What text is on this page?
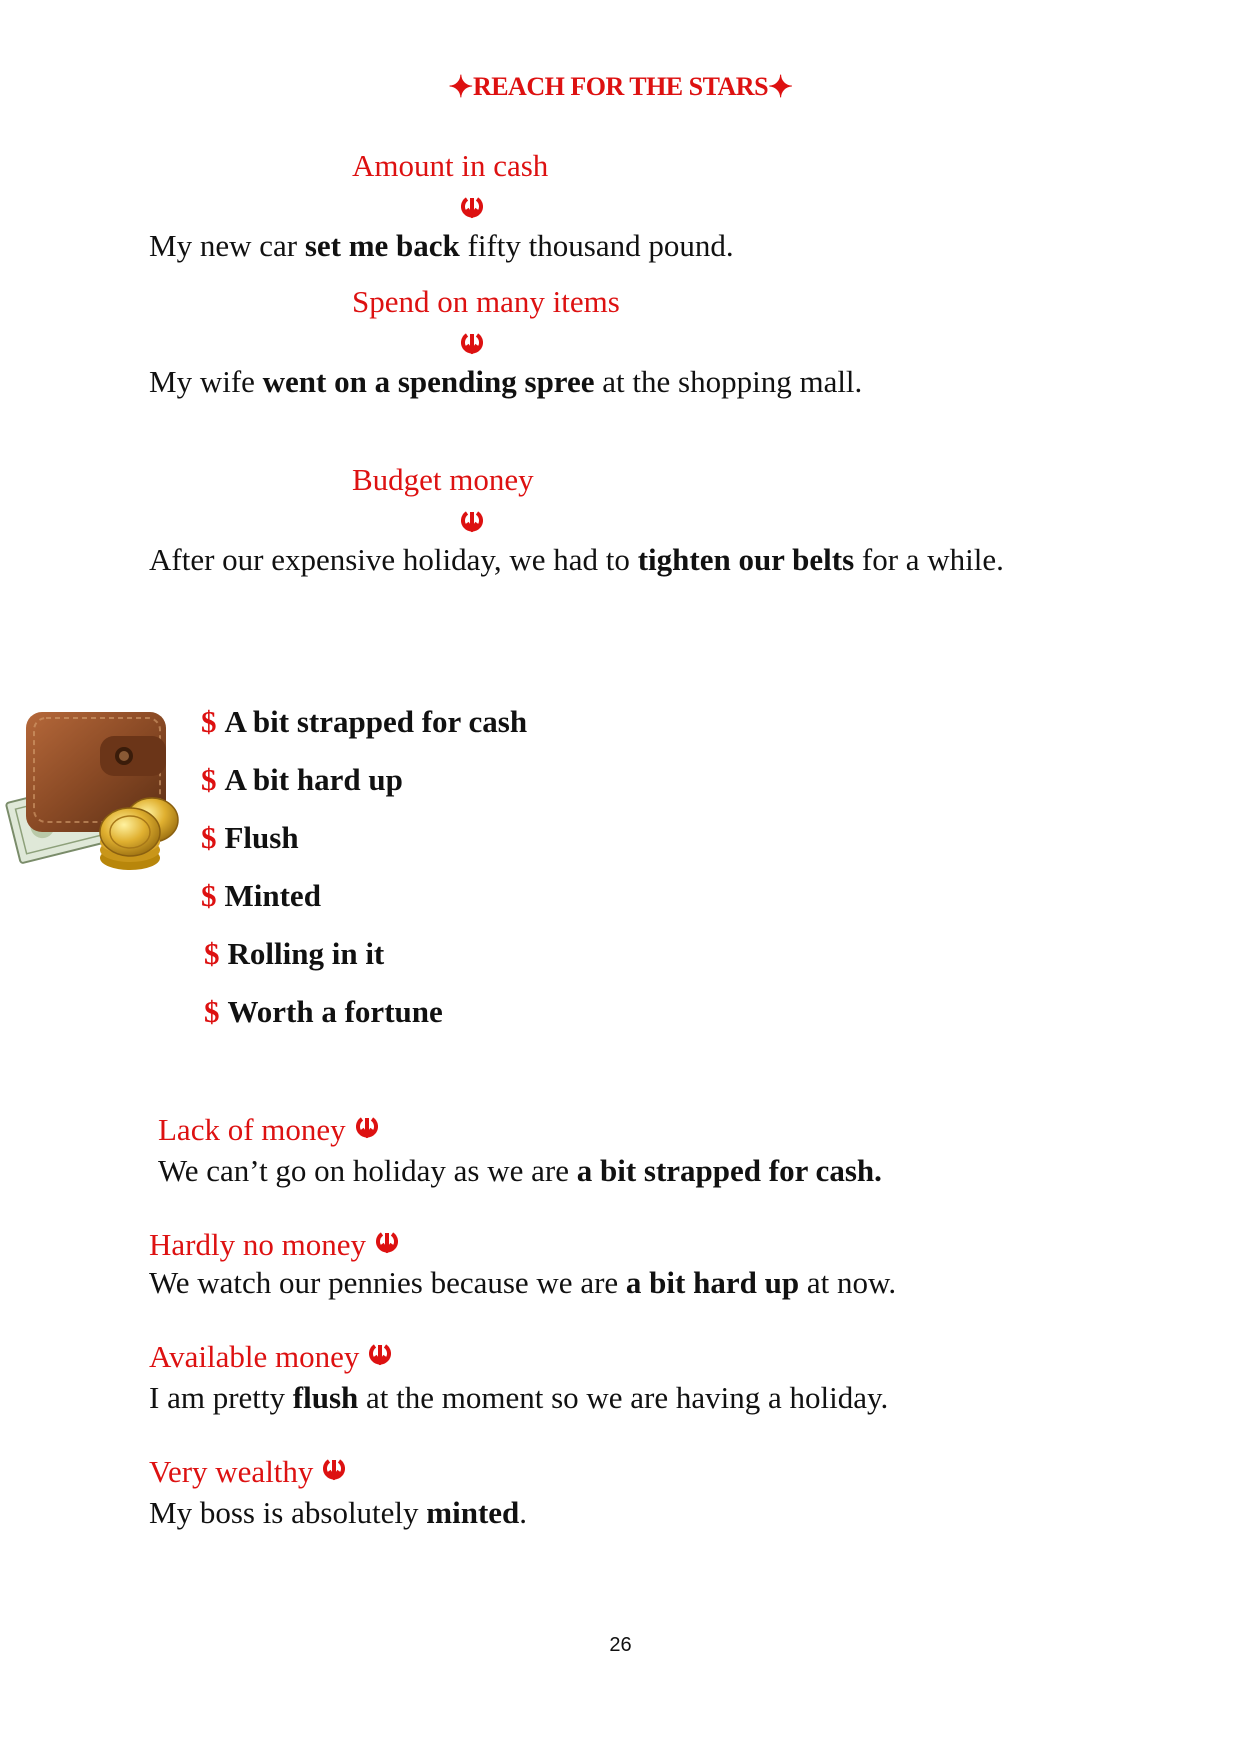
✦REACH FOR THE STARS✦
Amount in cash
My new car set me back fifty thousand pound.
Spend on many items
My wife went on a spending spree at the shopping mall.
Budget money
After our expensive holiday, we had to tighten our belts for a while.
$ A bit strapped for cash
$ A bit hard up
$ Flush
$ Minted
$ Rolling in it
$ Worth a fortune
Lack of money
We can’t go on holiday as we are a bit strapped for cash.
Hardly no money
We watch our pennies because we are a bit hard up at now.
Available money
I am pretty flush at the moment so we are having a holiday.
Very wealthy
My boss is absolutely minted.
26
